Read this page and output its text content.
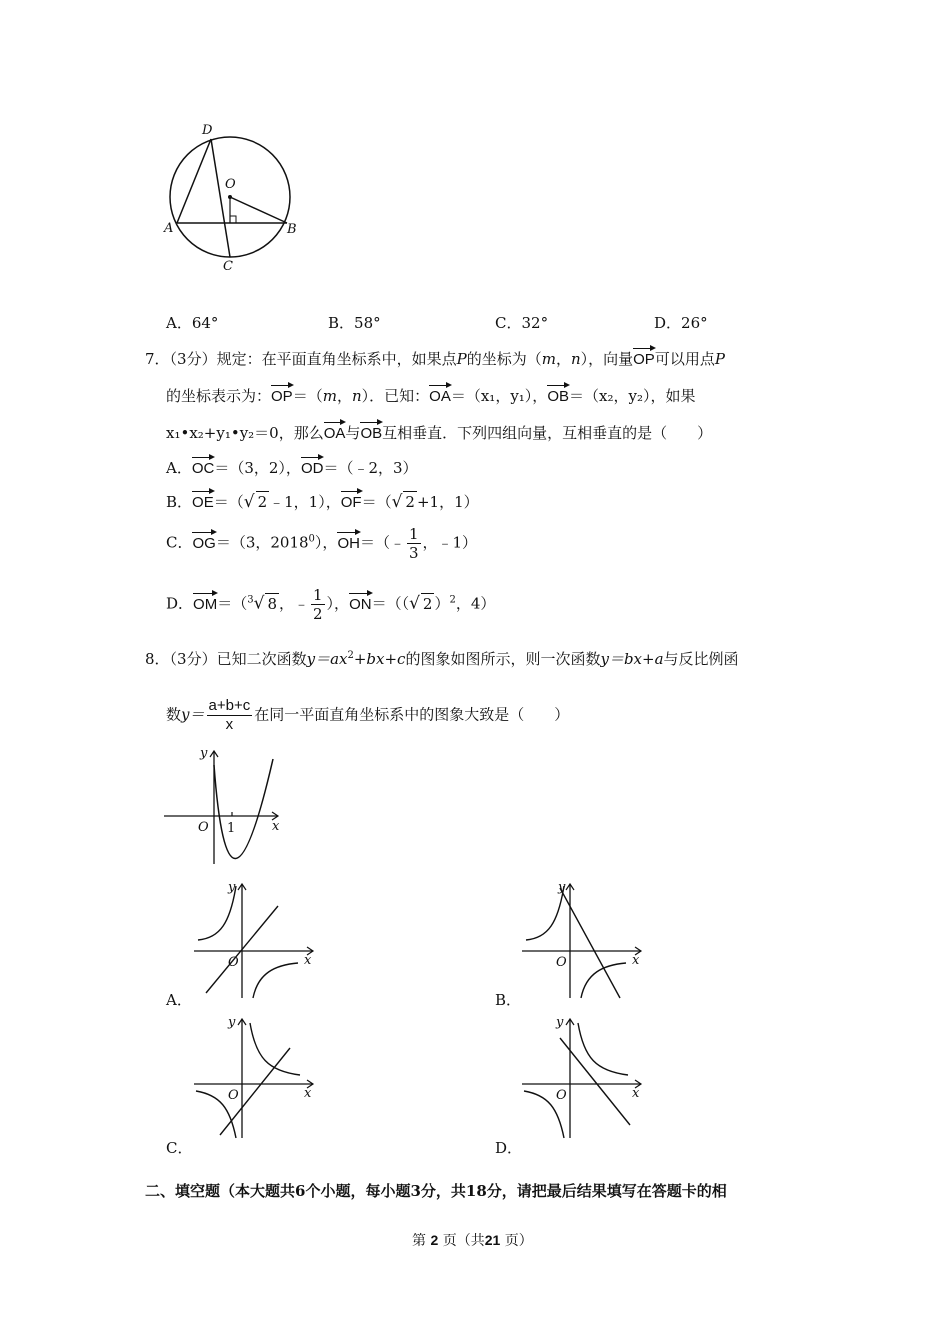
D
O
A	B
C
A．64°	B．58°	C．32°	D．26°
7．（3分）规定：在平面直角坐标系中，如果点P的坐标为（m，n），向量OP可以用点P
的坐标表示为：OP＝（m，n）．已知：OA＝（x₁，y₁），OB＝（x₂，y₂），如果
x₁•x₂+y₁•y₂＝0，那么OA与OB互相垂直．下列四组向量，互相垂直的是（　　）
A．OC＝（3，2），OD＝（﹣2，3）
B．OE＝（√ 2 ﹣1，1），OF＝（√ 2 +1，1）
C．OG＝（3，2018$^0$），OH＝（﹣ $\frac{1}{3}$ ，﹣1）
D．OM＝（$^3$√ 8 ，﹣ $\frac{1}{2}$ ），ON＝（（√ 2 ）$^2$，4）
8．（3分）已知二次函数$y=ax^2+bx+c$的图象如图所示，则一次函数y＝bx+a与反比例函
数$y= \frac{a+b+c}{x}$ 在同一平面直角坐标系中的图象大致是（　　）
y
x
O 1
y
x
O
A．
y
x
O
B．
y
x
O
C．
y
x
O
D．
二、填空题（本大题共6个小题，每小题3分，共18分，请把最后结果填写在答题卡的相
第 2 页（共21 页）
